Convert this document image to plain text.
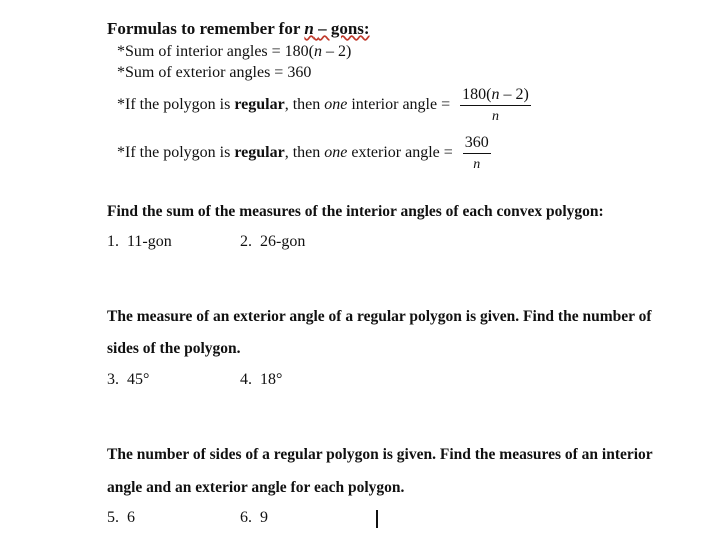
Formulas to remember for n – gons:
*Sum of interior angles = 180(n – 2)
*Sum of exterior angles = 360
*If the polygon is regular, then one interior angle = $\frac{180(n - 2)}{n}$
*If the polygon is regular, then one exterior angle = $\frac{360}{n}$
Find the sum of the measures of the interior angles of each convex polygon:
1. 11-gon	2. 26-gon
The measure of an exterior angle of a regular polygon is given. Find the number of
sides of the polygon.
3. 45°	4. 18°
The number of sides of a regular polygon is given. Find the measures of an interior
angle and an exterior angle for each polygon.
5. 6	6. 9
